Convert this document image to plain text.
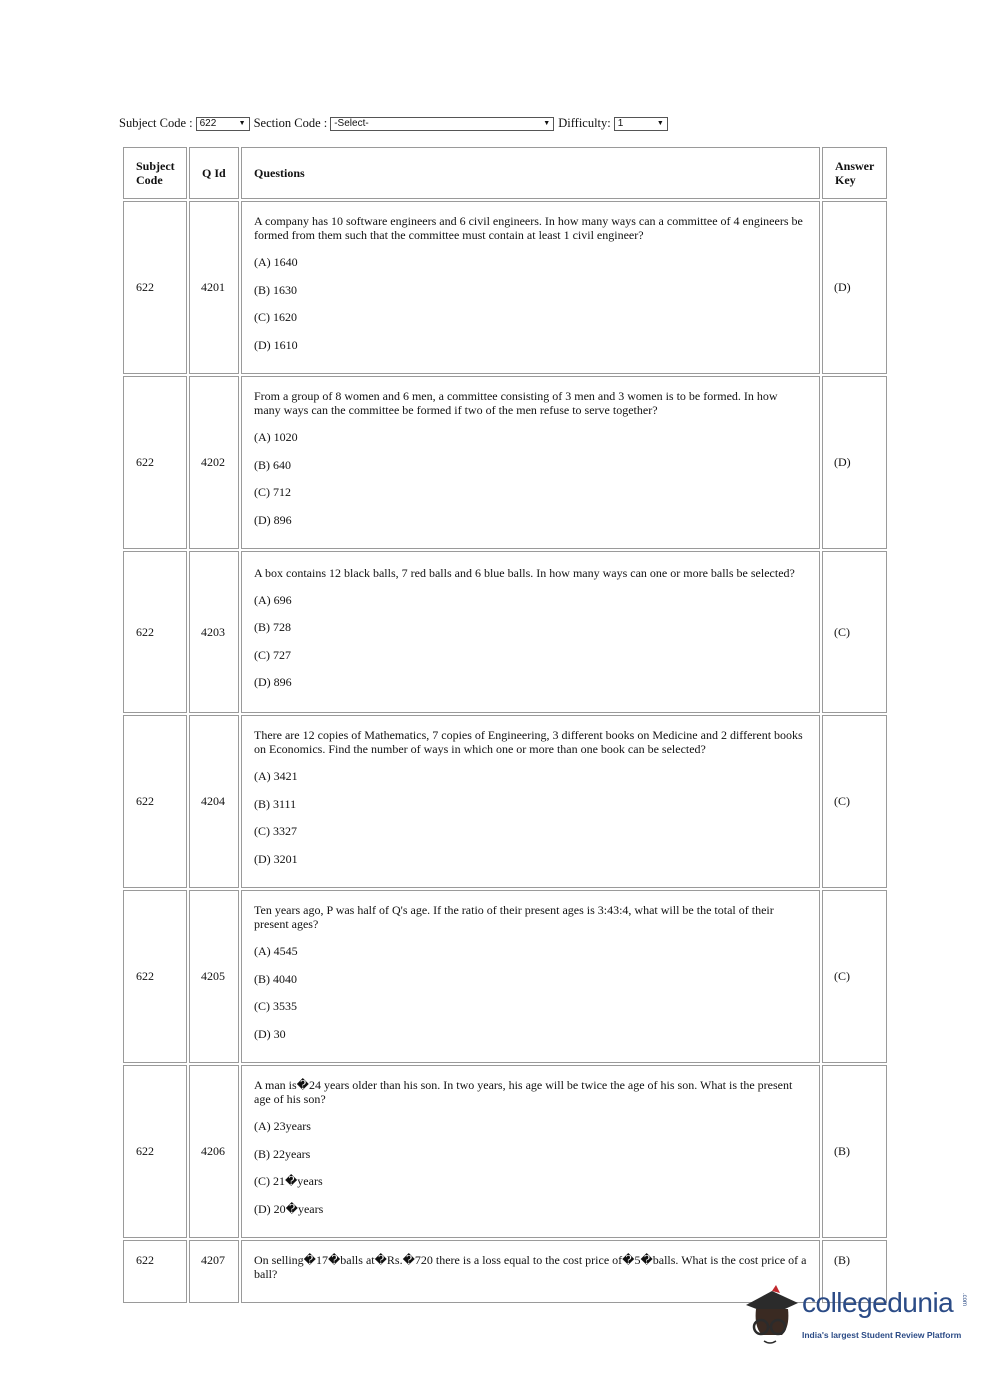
Subject Code : 622	▼ Section Code : -Select-	▼ Difficulty: 1	▼
Subject Code	Q Id	Questions	Answer Key
622	4201	A company has 10 software engineers and 6 civil engineers. In how many ways can a committee of 4 engineers be formed from them such that the committee must contain at least 1 civil engineer?
(A) 1640
(B) 1630
(C) 1620
(D) 1610	(D)
622	4202	From a group of 8 women and 6 men, a committee consisting of 3 men and 3 women is to be formed. In how many ways can the committee be formed if two of the men refuse to serve together?
(A) 1020
(B) 640
(C) 712
(D) 896	(D)
622	4203	A box contains 12 black balls, 7 red balls and 6 blue balls. In how many ways can one or more balls be selected?
(A) 696
(B) 728
(C) 727
(D) 896	(C)
622	4204	There are 12 copies of Mathematics, 7 copies of Engineering, 3 different books on Medicine and 2 different books on Economics. Find the number of ways in which one or more than one book can be selected?
(A) 3421
(B) 3111
(C) 3327
(D) 3201	(C)
622	4205	Ten years ago, P was half of Q's age. If the ratio of their present ages is 3:43:4, what will be the total of their present ages?
(A) 4545
(B) 4040
(C) 3535
(D) 30	(C)
622	4206	A man is�24 years older than his son. In two years, his age will be twice the age of his son. What is the present age of his son?
(A) 23years
(B) 22years
(C) 21�years
(D) 20�years	(B)
622	4207	On selling�17�balls at�Rs.�720 there is a loss equal to the cost price of�5�balls. What is the cost price of a ball?	(B)
collegedunia .com
India's largest Student Review Platform
